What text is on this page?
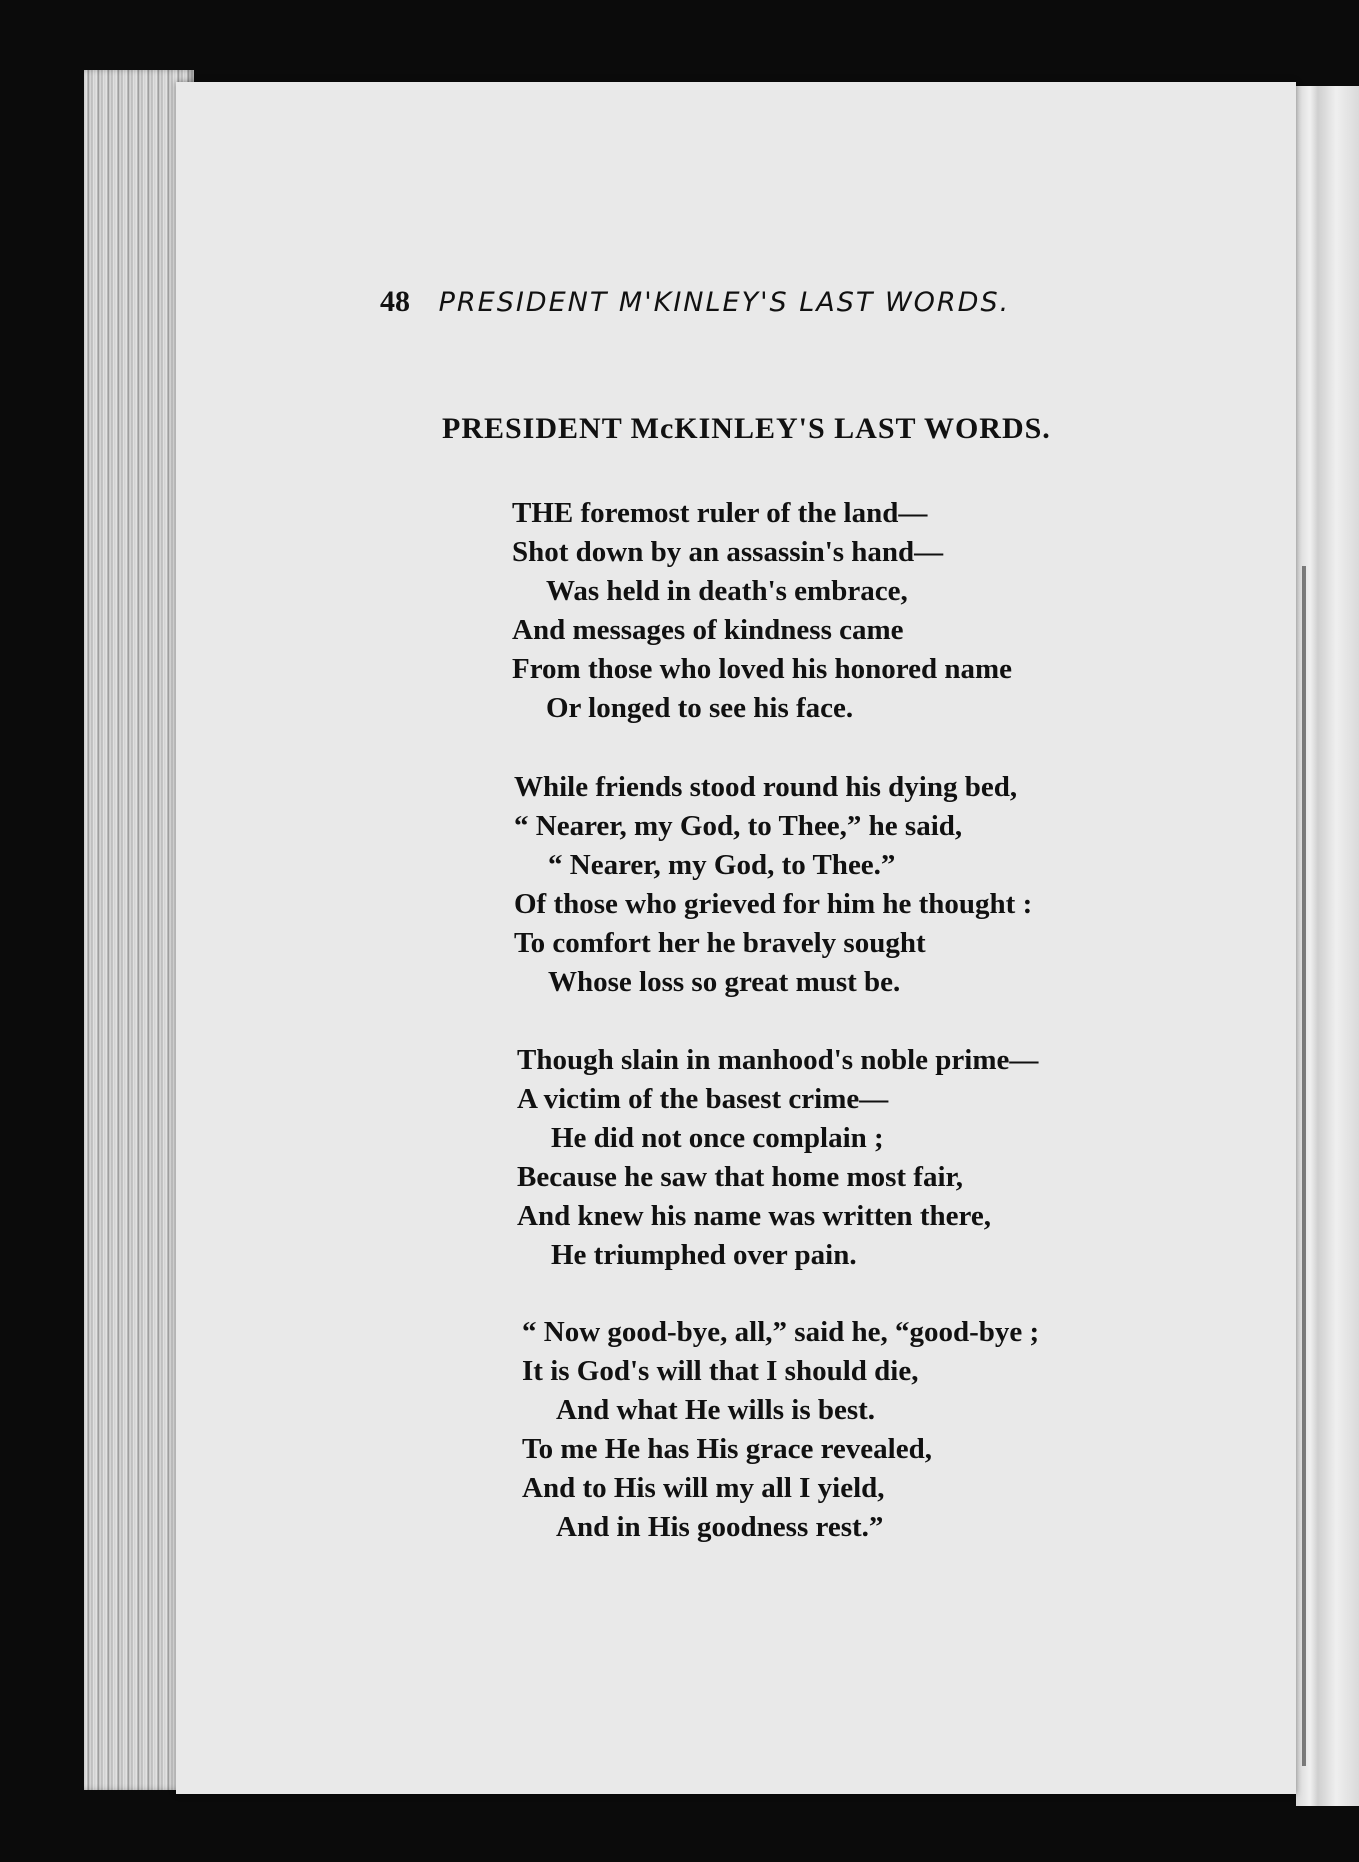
48 PRESIDENT M'KINLEY'S LAST WORDS.
PRESIDENT McKINLEY'S LAST WORDS.
THE foremost ruler of the land—
Shot down by an assassin's hand—
Was held in death's embrace,
And messages of kindness came
From those who loved his honored name
Or longed to see his face.
While friends stood round his dying bed,
“ Nearer, my God, to Thee,” he said,
“ Nearer, my God, to Thee.”
Of those who grieved for him he thought :
To comfort her he bravely sought
Whose loss so great must be.
Though slain in manhood's noble prime—
A victim of the basest crime—
He did not once complain ;
Because he saw that home most fair,
And knew his name was written there,
He triumphed over pain.
“ Now good-bye, all,” said he, “good-bye ;
It is God's will that I should die,
And what He wills is best.
To me He has His grace revealed,
And to His will my all I yield,
And in His goodness rest.”
